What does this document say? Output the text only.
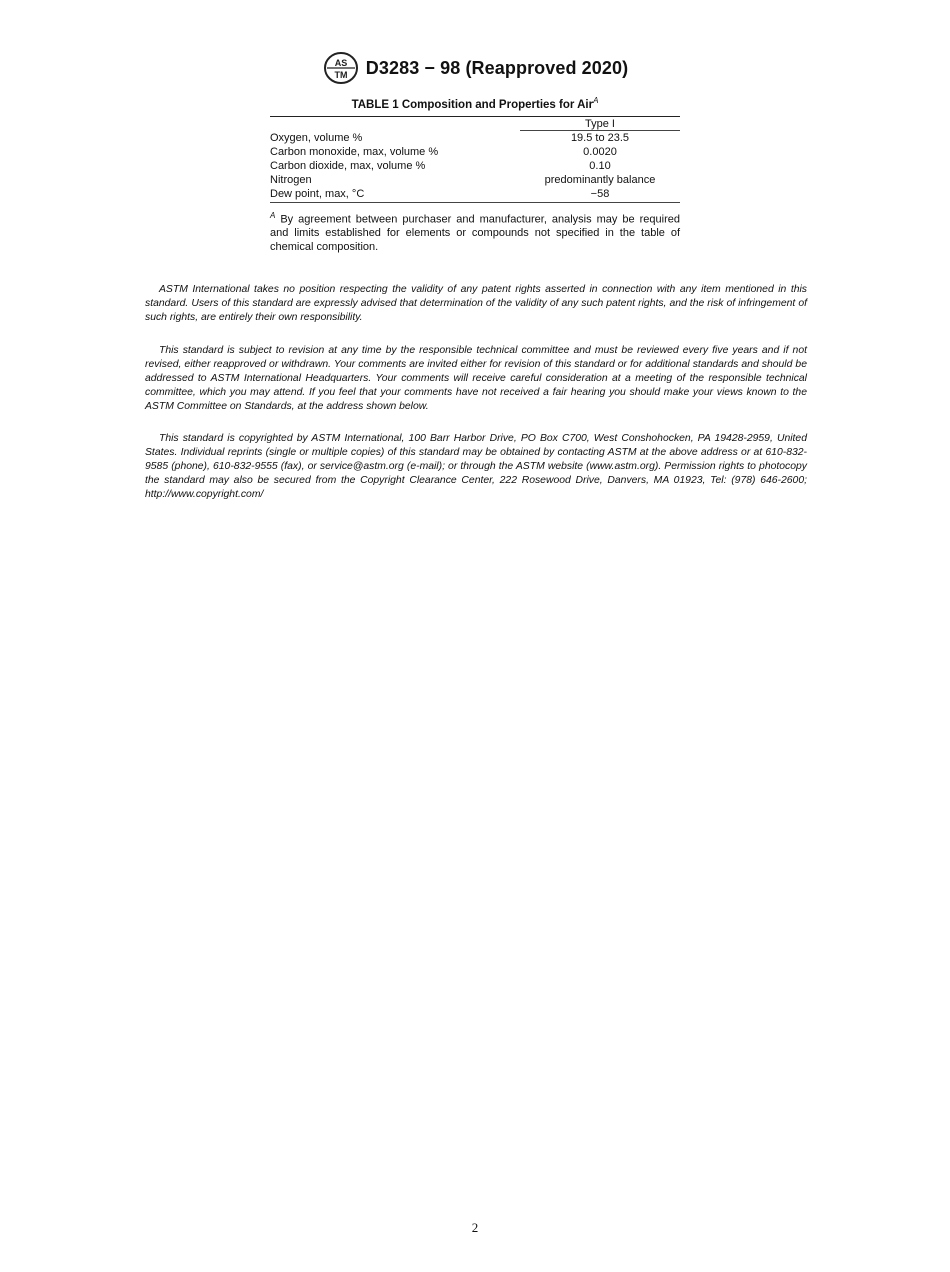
AS
TM D3283 − 98 (Reapproved 2020)
TABLE 1 Composition and Properties for Air$^A$
	Type I
Oxygen, volume %	19.5 to 23.5
Carbon monoxide, max, volume %	0.0020
Carbon dioxide, max, volume %	0.10
Nitrogen	predominantly balance
Dew point, max, °C	−58
$^A$ By agreement between purchaser and manufacturer, analysis may be required and limits established for elements or compounds not specified in the table of chemical composition.

ASTM International takes no position respecting the validity of any patent rights asserted in connection with any item mentioned in this standard. Users of this standard are expressly advised that determination of the validity of any such patent rights, and the risk of infringement of such rights, are entirely their own responsibility.

This standard is subject to revision at any time by the responsible technical committee and must be reviewed every five years and if not revised, either reapproved or withdrawn. Your comments are invited either for revision of this standard or for additional standards and should be addressed to ASTM International Headquarters. Your comments will receive careful consideration at a meeting of the responsible technical committee, which you may attend. If you feel that your comments have not received a fair hearing you should make your views known to the ASTM Committee on Standards, at the address shown below.

This standard is copyrighted by ASTM International, 100 Barr Harbor Drive, PO Box C700, West Conshohocken, PA 19428-2959, United States. Individual reprints (single or multiple copies) of this standard may be obtained by contacting ASTM at the above address or at 610-832-9585 (phone), 610-832-9555 (fax), or service@astm.org (e-mail); or through the ASTM website (www.astm.org). Permission rights to photocopy the standard may also be secured from the Copyright Clearance Center, 222 Rosewood Drive, Danvers, MA 01923, Tel: (978) 646-2600; http://www.copyright.com/

2
